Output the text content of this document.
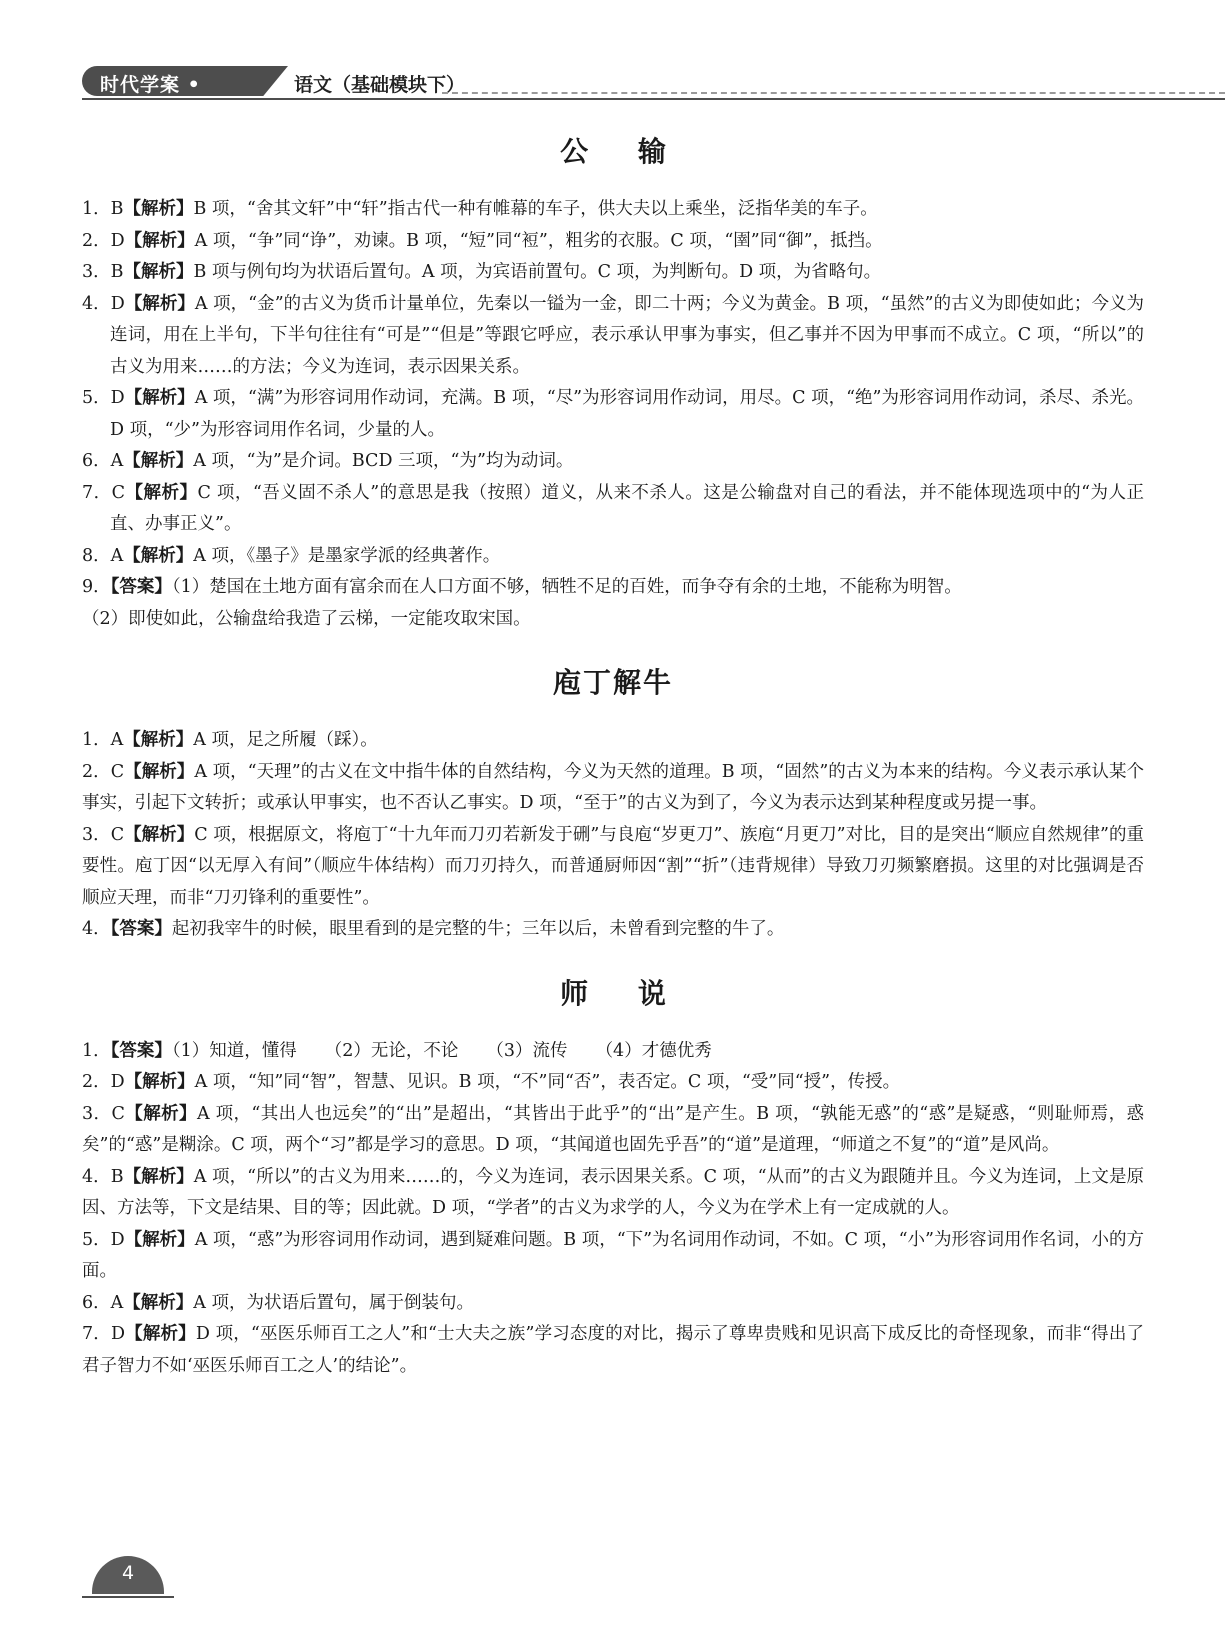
时代学案 •	语文（基础模块下）
公 输

1．B【解析】B 项，“舍其文轩”中“轩”指古代一种有帷幕的车子，供大夫以上乘坐，泛指华美的车子。

2．D【解析】A 项，“争”同“诤”，劝谏。B 项，“短”同“裋”，粗劣的衣服。C 项，“圉”同“御”，抵挡。

3．B【解析】B 项与例句均为状语后置句。A 项，为宾语前置句。C 项，为判断句。D 项，为省略句。

4．D【解析】A 项，“金”的古义为货币计量单位，先秦以一镒为一金，即二十两；今义为黄金。B 项，“虽然”的古义为即使如此；今义为连词，用在上半句，下半句往往有“可是”“但是”等跟它呼应，表示承认甲事为事实，但乙事并不因为甲事而不成立。C 项，“所以”的古义为用来……的方法；今义为连词，表示因果关系。

5．D【解析】A 项，“满”为形容词用作动词，充满。B 项，“尽”为形容词用作动词，用尽。C 项，“绝”为形容词用作动词，杀尽、杀光。D 项，“少”为形容词用作名词，少量的人。

6．A【解析】A 项，“为”是介词。BCD 三项，“为”均为动词。

7．C【解析】C 项，“吾义固不杀人”的意思是我（按照）道义，从来不杀人。这是公输盘对自己的看法，并不能体现选项中的“为人正直、办事正义”。

8．A【解析】A 项，《墨子》是墨家学派的经典著作。

9．【答案】（1）楚国在土地方面有富余而在人口方面不够，牺牲不足的百姓，而争夺有余的土地，不能称为明智。

（2）即使如此，公输盘给我造了云梯，一定能攻取宋国。

庖丁解牛

1．A【解析】A 项，足之所履（踩）。

2．C【解析】A 项，“天理”的古义在文中指牛体的自然结构，今义为天然的道理。B 项，“固然”的古义为本来的结构。今义表示承认某个事实，引起下文转折；或承认甲事实，也不否认乙事实。D 项，“至于”的古义为到了，今义为表示达到某种程度或另提一事。

3．C【解析】C 项，根据原文，将庖丁“十九年而刀刃若新发于硎”与良庖“岁更刀”、族庖“月更刀”对比，目的是突出“顺应自然规律”的重要性。庖丁因“以无厚入有间”（顺应牛体结构）而刀刃持久，而普通厨师因“割”“折”（违背规律）导致刀刃频繁磨损。这里的对比强调是否顺应天理，而非“刀刃锋利的重要性”。

4．【答案】起初我宰牛的时候，眼里看到的是完整的牛；三年以后，未曾看到完整的牛了。

师 说

1．【答案】（1）知道，懂得 （2）无论，不论 （3）流传 （4）才德优秀

2．D【解析】A 项，“知”同“智”，智慧、见识。B 项，“不”同“否”，表否定。C 项，“受”同“授”，传授。

3．C【解析】A 项，“其出人也远矣”的“出”是超出，“其皆出于此乎”的“出”是产生。B 项，“孰能无惑”的“惑”是疑惑，“则耻师焉，惑矣”的“惑”是糊涂。C 项，两个“习”都是学习的意思。D 项，“其闻道也固先乎吾”的“道”是道理，“师道之不复”的“道”是风尚。

4．B【解析】A 项，“所以”的古义为用来……的，今义为连词，表示因果关系。C 项，“从而”的古义为跟随并且。今义为连词，上文是原因、方法等，下文是结果、目的等；因此就。D 项，“学者”的古义为求学的人，今义为在学术上有一定成就的人。

5．D【解析】A 项，“惑”为形容词用作动词，遇到疑难问题。B 项，“下”为名词用作动词，不如。C 项，“小”为形容词用作名词，小的方面。

6．A【解析】A 项，为状语后置句，属于倒装句。

7．D【解析】D 项，“巫医乐师百工之人”和“士大夫之族”学习态度的对比，揭示了尊卑贵贱和见识高下成反比的奇怪现象，而非“得出了君子智力不如‘巫医乐师百工之人’的结论”。

4
